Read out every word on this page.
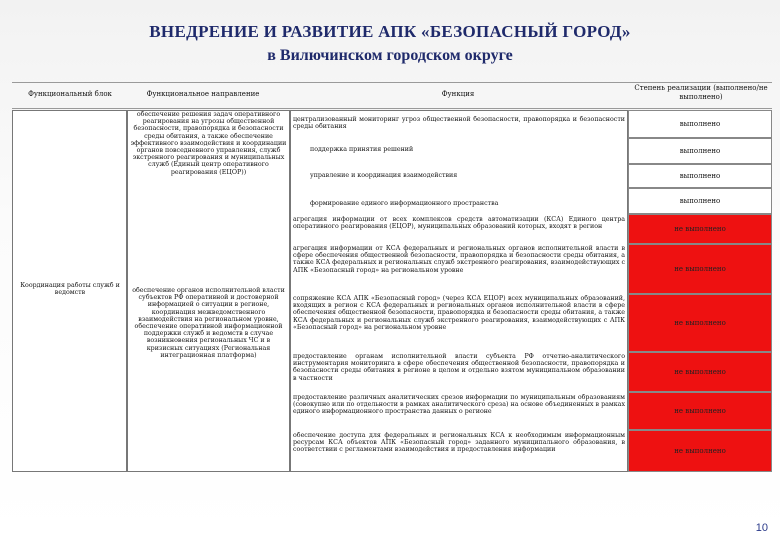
ВНЕДРЕНИЕ И РАЗВИТИЕ АПК «БЕЗОПАСНЫЙ ГОРОД»
в Вилючинском городском округе
Функциональный блок	Функциональное направление	Функция
Степень реализации (выполнено/не выполнено)
Координация работы служб и ведомств
обеспечение решения задач оперативного реагирования на угрозы общественной безопасности, правопорядка и безопасности среды обитания, а также обеспечение эффективного взаимодействия и координации органов повседневного управления, служб экстренного реагирования и муниципальных служб (Единый центр оперативного реагирования (ЕЦОР))
обеспечение органов исполнительной власти субъектов РФ оперативной и достоверной информацией о ситуации в регионе, координация межведомственного взаимодействия на региональном уровне, обеспечение оперативной информационной поддержки служб и ведомств в случае возникновения региональных ЧС и в кризисных ситуациях (Региональная интеграционная платформа)
централизованный мониторинг угроз общественной безопасности, правопорядка и безопасности среды обитания
поддержка принятия решений
управление и координация взаимодействия
формирование единого информационного пространства
агрегация информации от всех комплексов средств автоматизации (КСА) Единого центра оперативного реагирования (ЕЦОР), муниципальных образований которых, входят в регион
агрегация информации от КСА федеральных и региональных органов исполнительной власти в сфере обеспечения общественной безопасности, правопорядка и безопасности среды обитания, а также КСА федеральных и региональных служб экстренного реагирования, взаимодействующих с АПК «Безопасный город» на региональном уровне
сопряжение КСА АПК «Безопасный город» (через КСА ЕЦОР) всех муниципальных образований, входящих в регион с КСА федеральных и региональных органов исполнительной власти в сфере обеспечения общественной безопасности, правопорядка и безопасности среды обитания, а также КСА федеральных и региональных служб экстренного реагирования, взаимодействующих с АПК «Безопасный город» на региональном уровне
предоставление органам исполнительной власти субъекта РФ отчетно-аналитического инструментария мониторинга в сфере обеспечения общественной безопасности, правопорядка и безопасности среды обитания в регионе в целом и отдельно взятом муниципальном образовании в частности
предоставление различных аналитических срезов информации по муниципальным образованиям (совокупно или по отдельности в рамках аналитического среза) на основе объединенных в рамках единого информационного пространства данных о регионе
обеспечение доступа для федеральных и региональных КСА к необходимым информационным ресурсам КСА объектов АПК «Безопасный город» заданного муниципального образования, в соответствии с регламентами взаимодействия и предоставления информации
выполнено
выполнено
выполнено
выполнено
не выполнено
не выполнено
не выполнено
не выполнено
не выполнено
не выполнено
10
